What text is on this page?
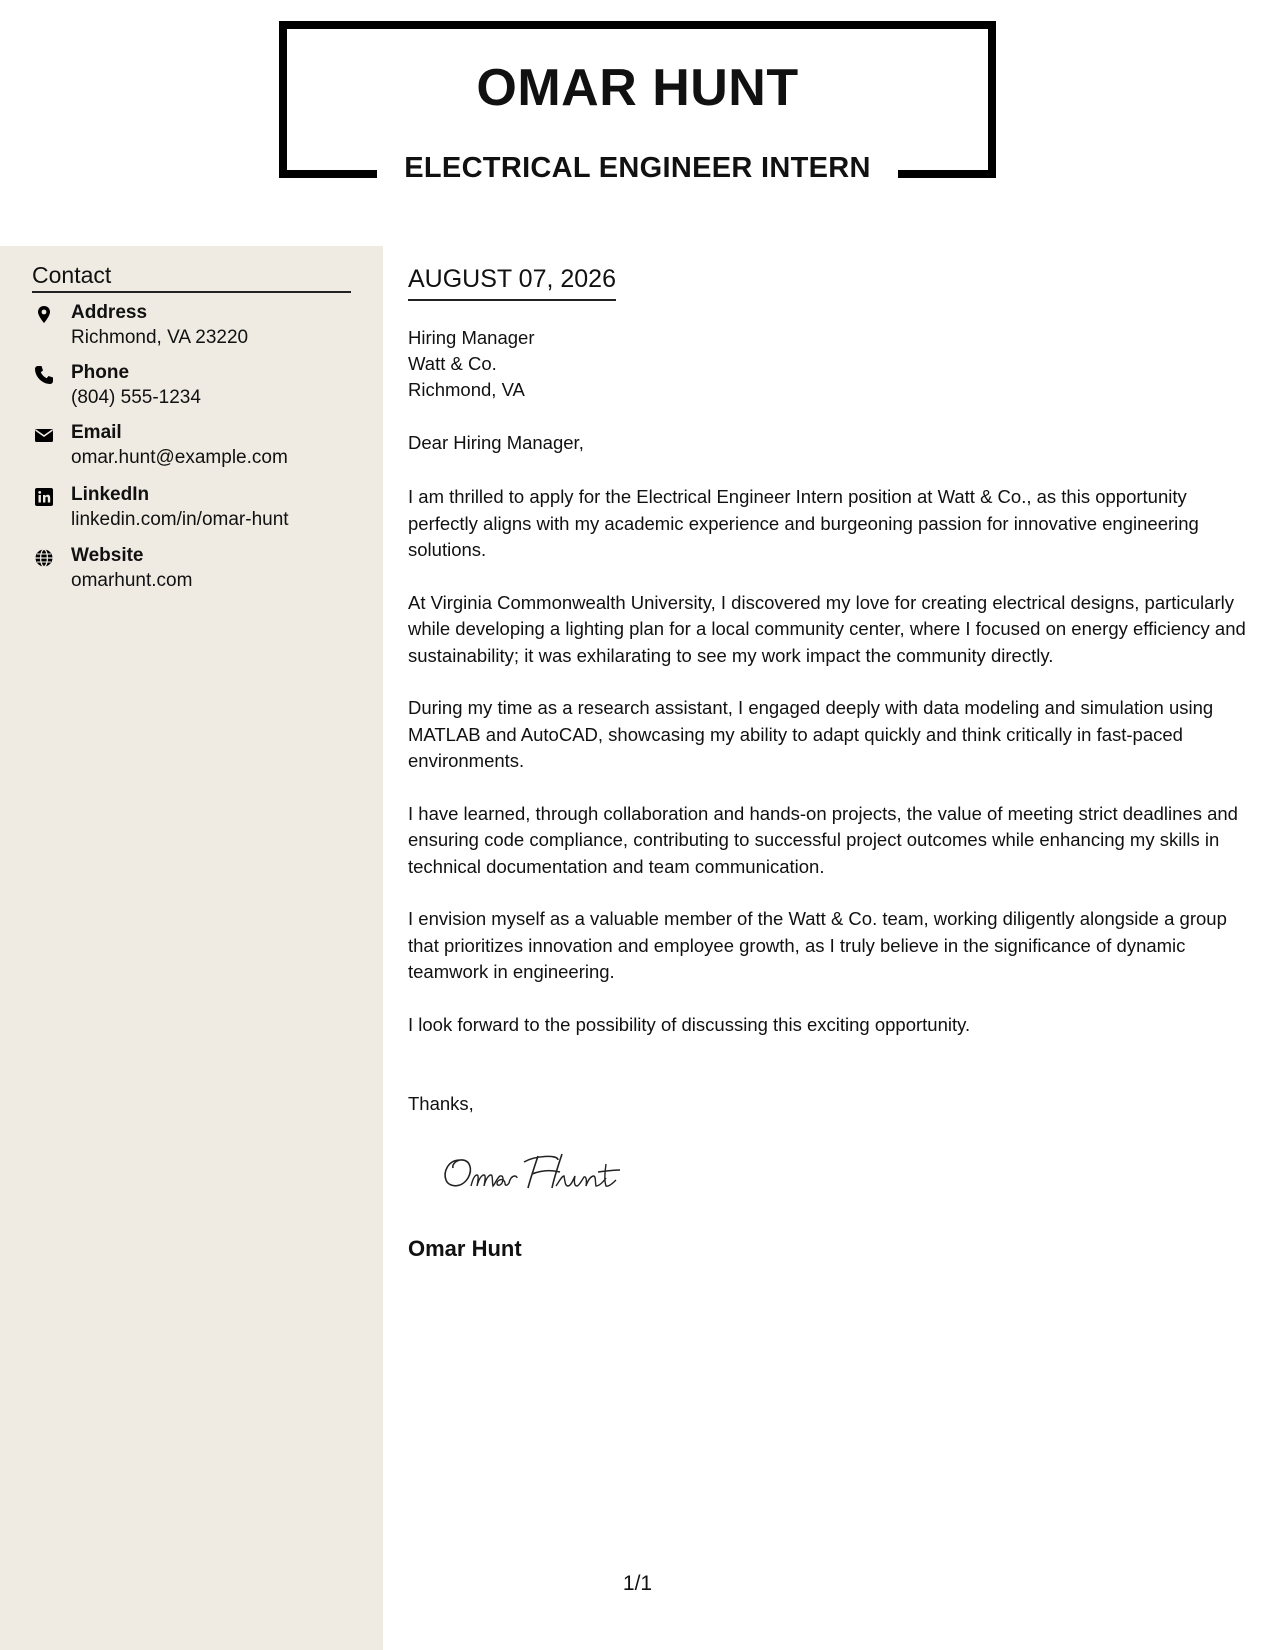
OMAR HUNT
ELECTRICAL ENGINEER INTERN
Contact
Address
Richmond, VA 23220
Phone
(804) 555-1234
Email
omar.hunt@example.com
LinkedIn
linkedin.com/in/omar-hunt
Website
omarhunt.com
AUGUST 07, 2026
Hiring Manager
Watt & Co.
Richmond, VA
Dear Hiring Manager,

I am thrilled to apply for the Electrical Engineer Intern position at Watt & Co., as this opportunity perfectly aligns with my academic experience and burgeoning passion for innovative engineering solutions.

At Virginia Commonwealth University, I discovered my love for creating electrical designs, particularly while developing a lighting plan for a local community center, where I focused on energy efficiency and sustainability; it was exhilarating to see my work impact the community directly.

During my time as a research assistant, I engaged deeply with data modeling and simulation using MATLAB and AutoCAD, showcasing my ability to adapt quickly and think critically in fast-paced environments.

I have learned, through collaboration and hands-on projects, the value of meeting strict deadlines and ensuring code compliance, contributing to successful project outcomes while enhancing my skills in technical documentation and team communication.

I envision myself as a valuable member of the Watt & Co. team, working diligently alongside a group that prioritizes innovation and employee growth, as I truly believe in the significance of dynamic teamwork in engineering.

I look forward to the possibility of discussing this exciting opportunity.

Thanks,
Omar Hunt
1/1
